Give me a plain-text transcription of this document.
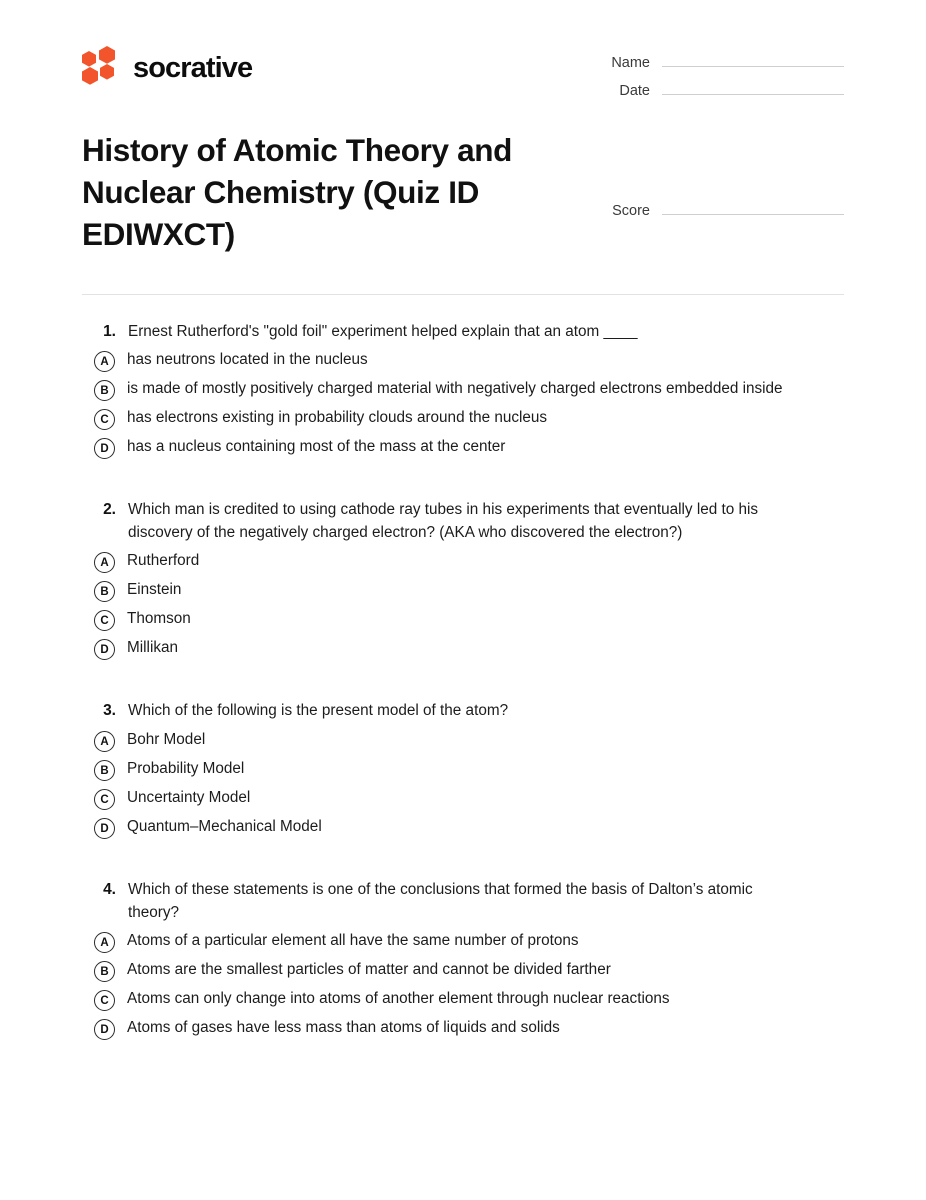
socrative	Name
Date
History of Atomic Theory and Nuclear Chemistry (Quiz ID EDIWXCT)
Score
1. Ernest Rutherford's "gold foil" experiment helped explain that an atom ____
A	has neutrons located in the nucleus
B	is made of mostly positively charged material with negatively charged electrons embedded inside
C	has electrons existing in probability clouds around the nucleus
D	has a nucleus containing most of the mass at the center
2. Which man is credited to using cathode ray tubes in his experiments that eventually led to his discovery of the negatively charged electron? (AKA who discovered the electron?)
A	Rutherford
B	Einstein
C	Thomson
D	Millikan
3. Which of the following is the present model of the atom?
A	Bohr Model
B	Probability Model
C	Uncertainty Model
D	Quantum–Mechanical Model
4. Which of these statements is one of the conclusions that formed the basis of Dalton’s atomic theory?
A	Atoms of a particular element all have the same number of protons
B	Atoms are the smallest particles of matter and cannot be divided farther
C	Atoms can only change into atoms of another element through nuclear reactions
D	Atoms of gases have less mass than atoms of liquids and solids
